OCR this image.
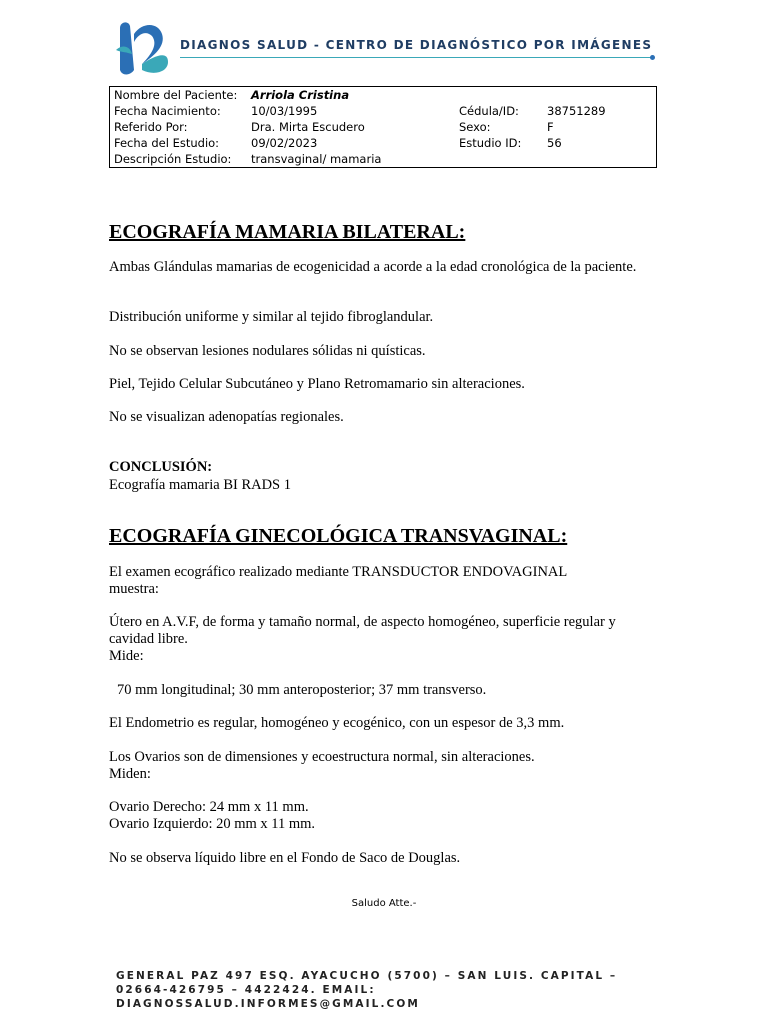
DIAGNOS SALUD - CENTRO DE DIAGNÓSTICO POR IMÁGENES
Nombre del Paciente: Arriola Cristina
Fecha Nacimiento:	10/03/1995	Cédula/ID: 38751289
Referido Por:	Dra. Mirta Escudero	Sexo:	F
Fecha del Estudio:	09/02/2023	Estudio ID: 56
Descripción Estudio: transvaginal/ mamaria
ECOGRAFÍA MAMARIA BILATERAL:
Ambas Glándulas mamarias de ecogenicidad a acorde a la edad cronológica de la paciente.
Distribución uniforme y similar al tejido fibroglandular.
No se observan lesiones nodulares sólidas ni quísticas.
Piel, Tejido Celular Subcutáneo y Plano Retromamario sin alteraciones.
No se visualizan adenopatías regionales.
CONCLUSIÓN:
Ecografía mamaria BI RADS 1
ECOGRAFÍA GINECOLÓGICA TRANSVAGINAL:
El examen ecográfico realizado mediante TRANSDUCTOR ENDOVAGINAL muestra:
Útero en A.V.F, de forma y tamaño normal, de aspecto homogéneo, superficie regular y cavidad libre.
Mide:
70 mm longitudinal; 30 mm anteroposterior; 37 mm transverso.
El Endometrio es regular, homogéneo y ecogénico, con un espesor de 3,3 mm.
Los Ovarios son de dimensiones y ecoestructura normal, sin alteraciones.
Miden:
Ovario Derecho: 24 mm x 11 mm.
Ovario Izquierdo: 20 mm x 11 mm.
No se observa líquido libre en el Fondo de Saco de Douglas.
Saludo Atte.-
GENERAL PAZ 497 ESQ. AYACUCHO (5700) – SAN LUIS. CAPITAL – 02664-426795 – 4422424. EMAIL: DIAGNOSSALUD.INFORMES@GMAIL.COM
